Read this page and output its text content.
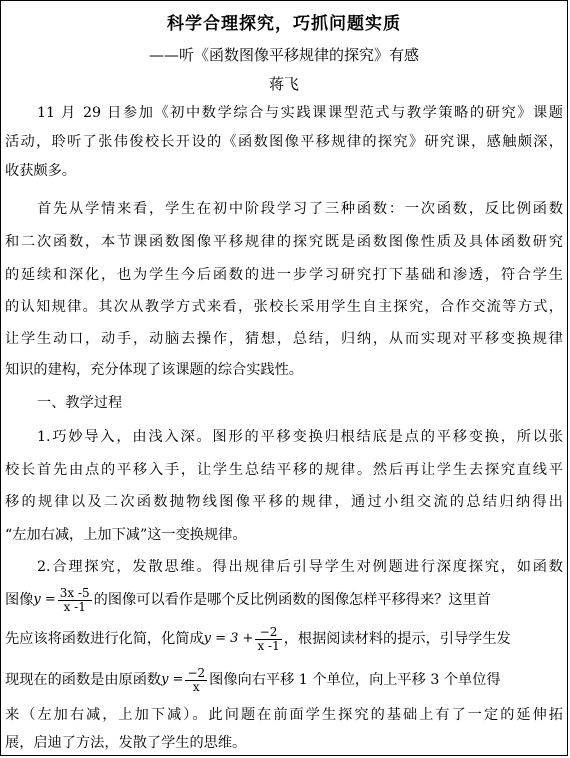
科学合理探究，巧抓问题实质
——听《函数图像平移规律的探究》有感
蒋飞
11 月 29 日参加《初中数学综合与实践课课型范式与教学策略的研究》课题
活动，聆听了张伟俊校长开设的《函数图像平移规律的探究》研究课，感触颇深，
收获颇多。
首先从学情来看，学生在初中阶段学习了三种函数：一次函数，反比例函数
和二次函数，本节课函数图像平移规律的探究既是函数图像性质及具体函数研究
的延续和深化，也为学生今后函数的进一步学习研究打下基础和渗透，符合学生
的认知规律。其次从教学方式来看，张校长采用学生自主探究，合作交流等方式，
让学生动口，动手，动脑去操作，猜想，总结，归纳，从而实现对平移变换规律
知识的建构，充分体现了该课题的综合实践性。
一、教学过程
1.巧妙导入，由浅入深。图形的平移变换归根结底是点的平移变换，所以张
校长首先由点的平移入手，让学生总结平移的规律。然后再让学生去探究直线平
移的规律以及二次函数抛物线图像平移的规律，通过小组交流的总结归纳得出
“左加右减，上加下减”这一变换规律。
2.合理探究，发散思维。得出规律后引导学生对例题进行深度探究，如函数
图像 $y = \frac{3x -5}{x -1}$ 的图像可以看作是哪个反比例函数的图像怎样平移得来？这里首
先应该将函数进行化简，化简成 $y = 3 + \frac{-2}{x -1}$ ，根据阅读材料的提示，引导学生发
现现在的函数是由原函数 $y = \frac{-2}{x}$ 图像向右平移 1 个单位，向上平移 3 个单位得
来（左加右减，上加下减）。此问题在前面学生探究的基础上有了一定的延伸拓
展，启迪了方法，发散了学生的思维。
